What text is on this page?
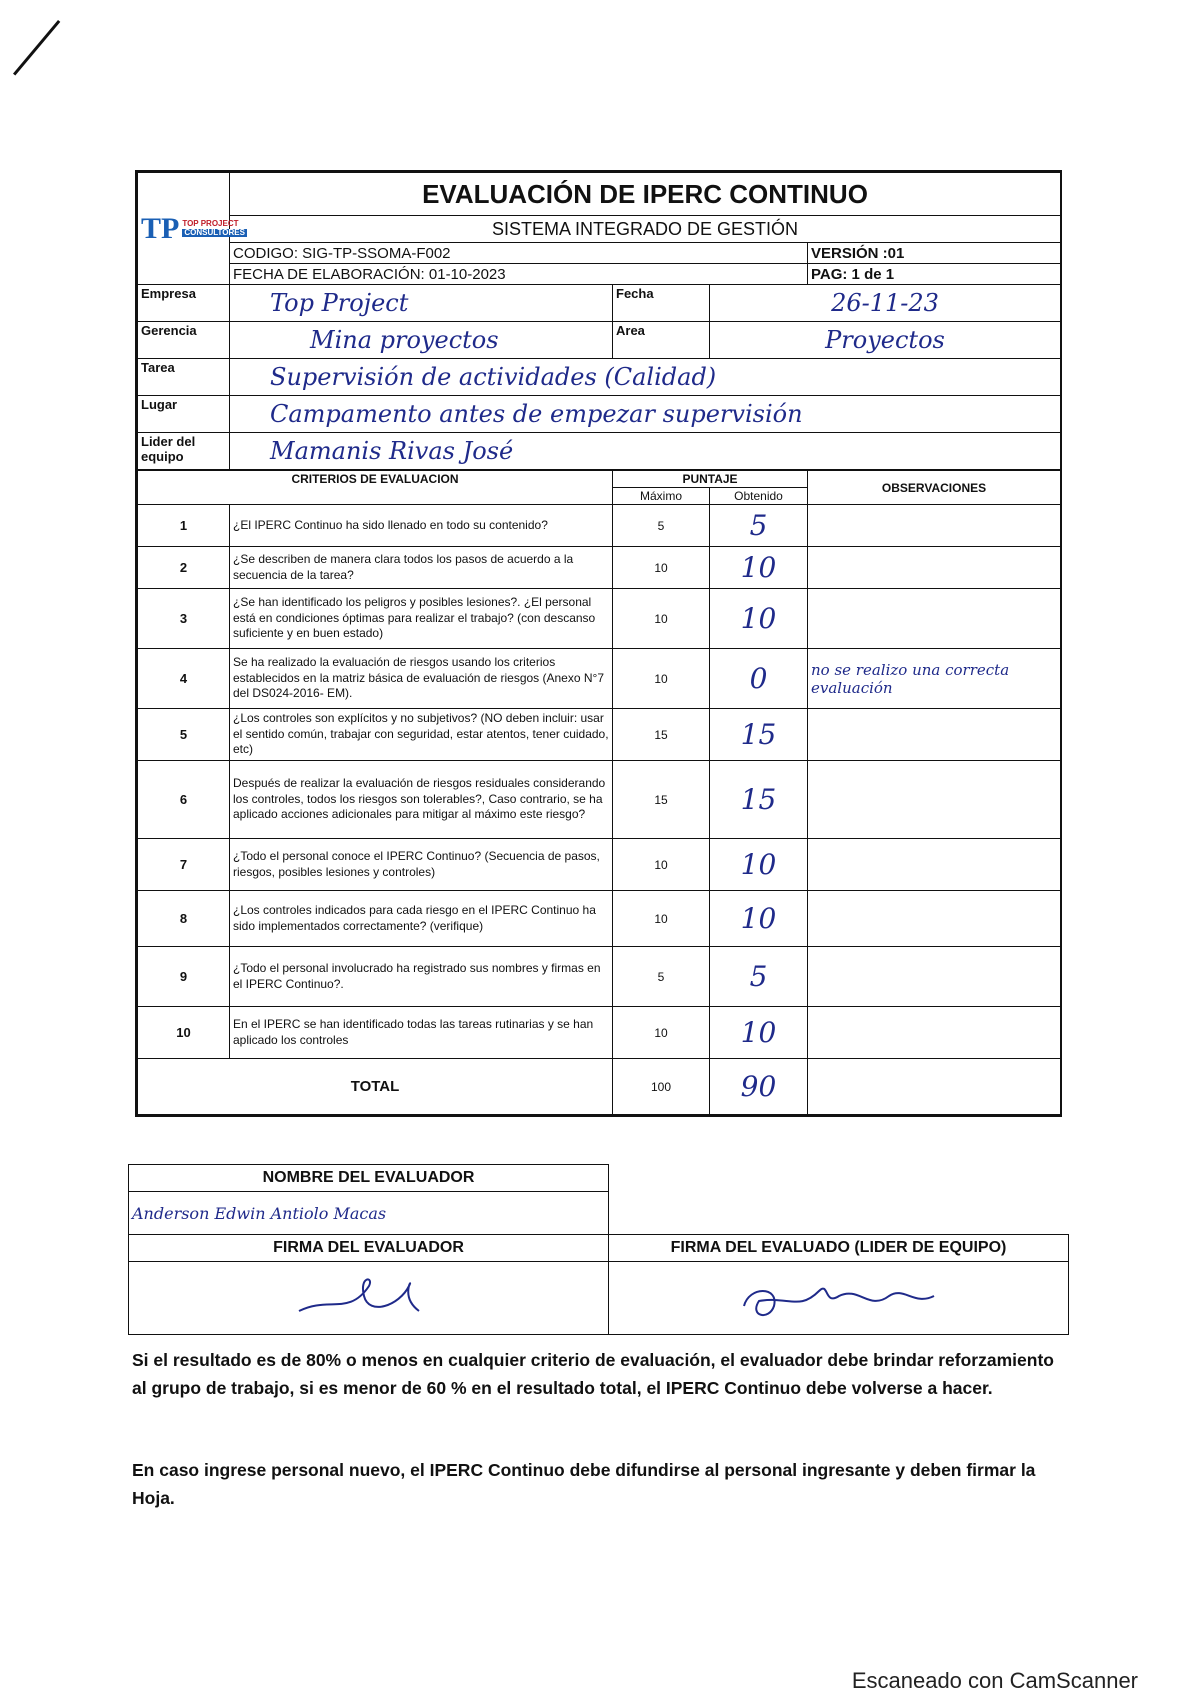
TP TOP PROJECT
CONSULTORES	EVALUACIÓN DE IPERC CONTINUO			
	SISTEMA INTEGRADO DE GESTIÓN			
	CODIGO: SIG-TP-SSOMA-F002			VERSIÓN :01
	FECHA DE ELABORACIÓN: 01-10-2023			PAG: 1 de 1
Empresa	Top Project	Fecha	26-11-23	
Gerencia	Mina proyectos	Area	Proyectos	
Tarea	Supervisión de actividades (Calidad)			
Lugar	Campamento antes de empezar supervisión			
Lider del equipo	Mamanis Rivas José			
CRITERIOS DE EVALUACION		PUNTAJE		OBSERVACIONES
		Máximo	Obtenido	
1	¿El IPERC Continuo ha sido llenado en todo su contenido?	5	5	
2	¿Se describen de manera clara todos los pasos de acuerdo a la secuencia de la tarea?	10	10	
3	¿Se han identificado los peligros y posibles lesiones?. ¿El personal está en condiciones óptimas para realizar el trabajo? (con descanso suficiente y en buen estado)	10	10	
4	Se ha realizado la evaluación de riesgos usando los criterios establecidos en la matriz básica de evaluación de riesgos (Anexo N°7 del DS024-2016- EM).	10	0	no se realizo una correcta evaluación
5	¿Los controles son explícitos y no subjetivos? (NO deben incluir: usar el sentido común, trabajar con seguridad, estar atentos, tener cuidado, etc)	15	15	
6	Después de realizar la evaluación de riesgos residuales considerando los controles, todos los riesgos son tolerables?, Caso contrario, se ha aplicado acciones adicionales para mitigar al máximo este riesgo?	15	15	
7	¿Todo el personal conoce el IPERC Continuo? (Secuencia de pasos, riesgos, posibles lesiones y controles)	10	10	
8	¿Los controles indicados para cada riesgo en el IPERC Continuo ha sido implementados correctamente? (verifique)	10	10	
9	¿Todo el personal involucrado ha registrado sus nombres y firmas en el IPERC Continuo?.	5	5	
10	En el IPERC se han identificado todas las tareas rutinarias y se han aplicado los controles	10	10	
TOTAL		100	90	
NOMBRE DEL EVALUADOR	
Anderson Edwin Antiolo Macas	
FIRMA DEL EVALUADOR	FIRMA DEL EVALUADO (LIDER DE EQUIPO)

Si el resultado es de 80% o menos en cualquier criterio de evaluación, el evaluador debe brindar reforzamiento al grupo de trabajo, si es menor de 60 % en el resultado total, el IPERC Continuo debe volverse a hacer.
En caso ingrese personal nuevo, el IPERC Continuo debe difundirse al personal ingresante y deben firmar la Hoja.
Escaneado con CamScanner
